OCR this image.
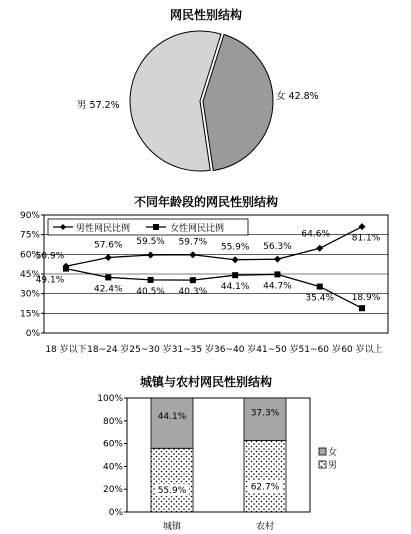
网民性别结构
女 42.8%
男 57.2%
不同年龄段的网民性别结构
0%
15%
30%
45%
60%
75%
90%
18 岁以下 18~24 岁 25~30 岁 31~35 岁 36~40 岁 41~50 岁 51~60 岁 60 岁以上
50.9%
57.6% 59.5% 59.7% 55.9% 56.3%
64.6% 81.1%
49.1%
42.4% 40.5% 40.3% 44.1% 44.7%
35.4% 18.9%
男性网民比例	女性网民比例
城镇与农村网民性别结构
0%
20%
40%
60%
80%
100%
55.9%
44.1%
城镇
62.7%
37.3%
农村
女
男
